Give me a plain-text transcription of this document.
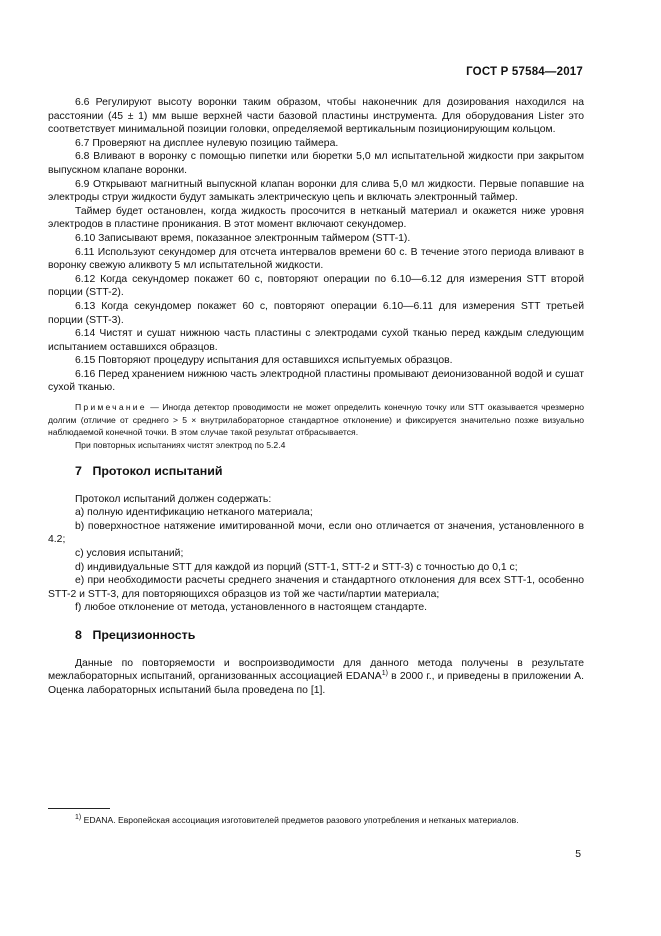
ГОСТ Р 57584—2017

6.6 Регулируют высоту воронки таким образом, чтобы наконечник для дозирования находился на расстоянии (45 ± 1) мм выше верхней части базовой пластины инструмента. Для оборудования Lister это соответствует минимальной позиции головки, определяемой вертикальным позиционирующим кольцом.

6.7 Проверяют на дисплее нулевую позицию таймера.

6.8 Вливают в воронку с помощью пипетки или бюретки 5,0 мл испытательной жидкости при закрытом выпускном клапане воронки.

6.9 Открывают магнитный выпускной клапан воронки для слива 5,0 мл жидкости. Первые попавшие на электроды струи жидкости будут замыкать электрическую цепь и включать электронный таймер.

Таймер будет остановлен, когда жидкость просочится в нетканый материал и окажется ниже уровня электродов в пластине проникания. В этот момент включают секундомер.

6.10 Записывают время, показанное электронным таймером (STT-1).

6.11 Используют секундомер для отсчета интервалов времени 60 с. В течение этого периода вливают в воронку свежую аликвоту 5 мл испытательной жидкости.

6.12 Когда секундомер покажет 60 с, повторяют операции по 6.10—6.12 для измерения STT второй порции (STT-2).

6.13 Когда секундомер покажет 60 с, повторяют операции 6.10—6.11 для измерения STT третьей порции (STT-3).

6.14 Чистят и сушат нижнюю часть пластины с электродами сухой тканью перед каждым следующим испытанием оставшихся образцов.

6.15 Повторяют процедуру испытания для оставшихся испытуемых образцов.

6.16 Перед хранением нижнюю часть электродной пластины промывают деионизованной водой и сушат сухой тканью.

Примечание — Иногда детектор проводимости не может определить конечную точку или STT оказывается чрезмерно долгим (отличие от среднего > 5 × внутрилабораторное стандартное отклонение) и фиксируется значительно позже визуально наблюдаемой конечной точки. В этом случае такой результат отбрасывается.

При повторных испытаниях чистят электрод по 5.2.4

7 Протокол испытаний

Протокол испытаний должен содержать:

a) полную идентификацию нетканого материала;

b) поверхностное натяжение имитированной мочи, если оно отличается от значения, установленного в 4.2;

c) условия испытаний;

d) индивидуальные STT для каждой из порций (STT-1, STT-2 и STT-3) с точностью до 0,1 с;

e) при необходимости расчеты среднего значения и стандартного отклонения для всех STT-1, особенно STT-2 и STT-3, для повторяющихся образцов из той же части/партии материала;

f) любое отклонение от метода, установленного в настоящем стандарте.

8 Прецизионность

Данные по повторяемости и воспроизводимости для данного метода получены в результате межлабораторных испытаний, организованных ассоциацией EDANA$^{1)}$ в 2000 г., и приведены в приложении А. Оценка лабораторных испытаний была проведена по [1].

$^{1)}$ EDANA. Европейская ассоциация изготовителей предметов разового употребления и нетканых материалов.

5
